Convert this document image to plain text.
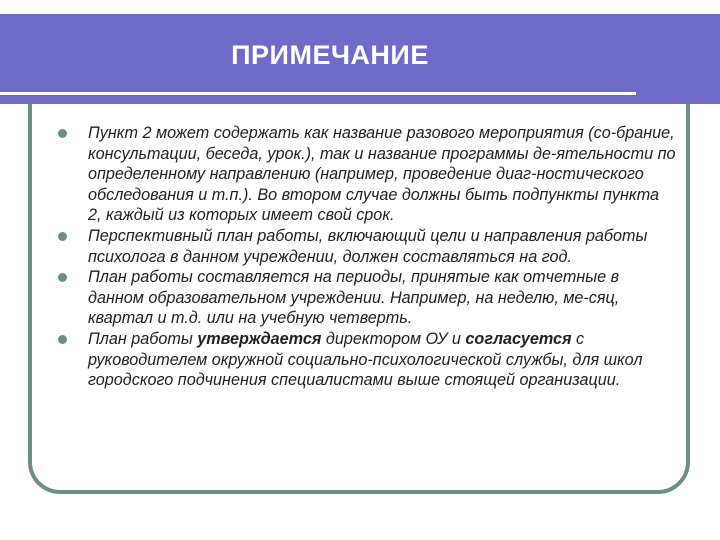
ПРИМЕЧАНИЕ
Пункт 2 может содержать как название разового мероприятия (со-брание, консультации, беседа, урок.), так и название программы де-ятельности по определенному направлению (например, проведение диаг-ностического обследования и т.п.). Во втором случае должны быть подпункты пункта 2, каждый из которых имеет свой срок.
Перспективный план работы, включающий цели и направления работы психолога в данном учреждении, должен составляться на год.
План работы составляется на периоды, принятые как отчетные в данном образовательном учреждении. Например, на неделю, ме-сяц, квартал и т.д. или на учебную четверть.
План работы утверждается директором ОУ и согласуется с руководителем окружной социально-психологической службы, для школ городского подчинения специалистами выше стоящей организации.
